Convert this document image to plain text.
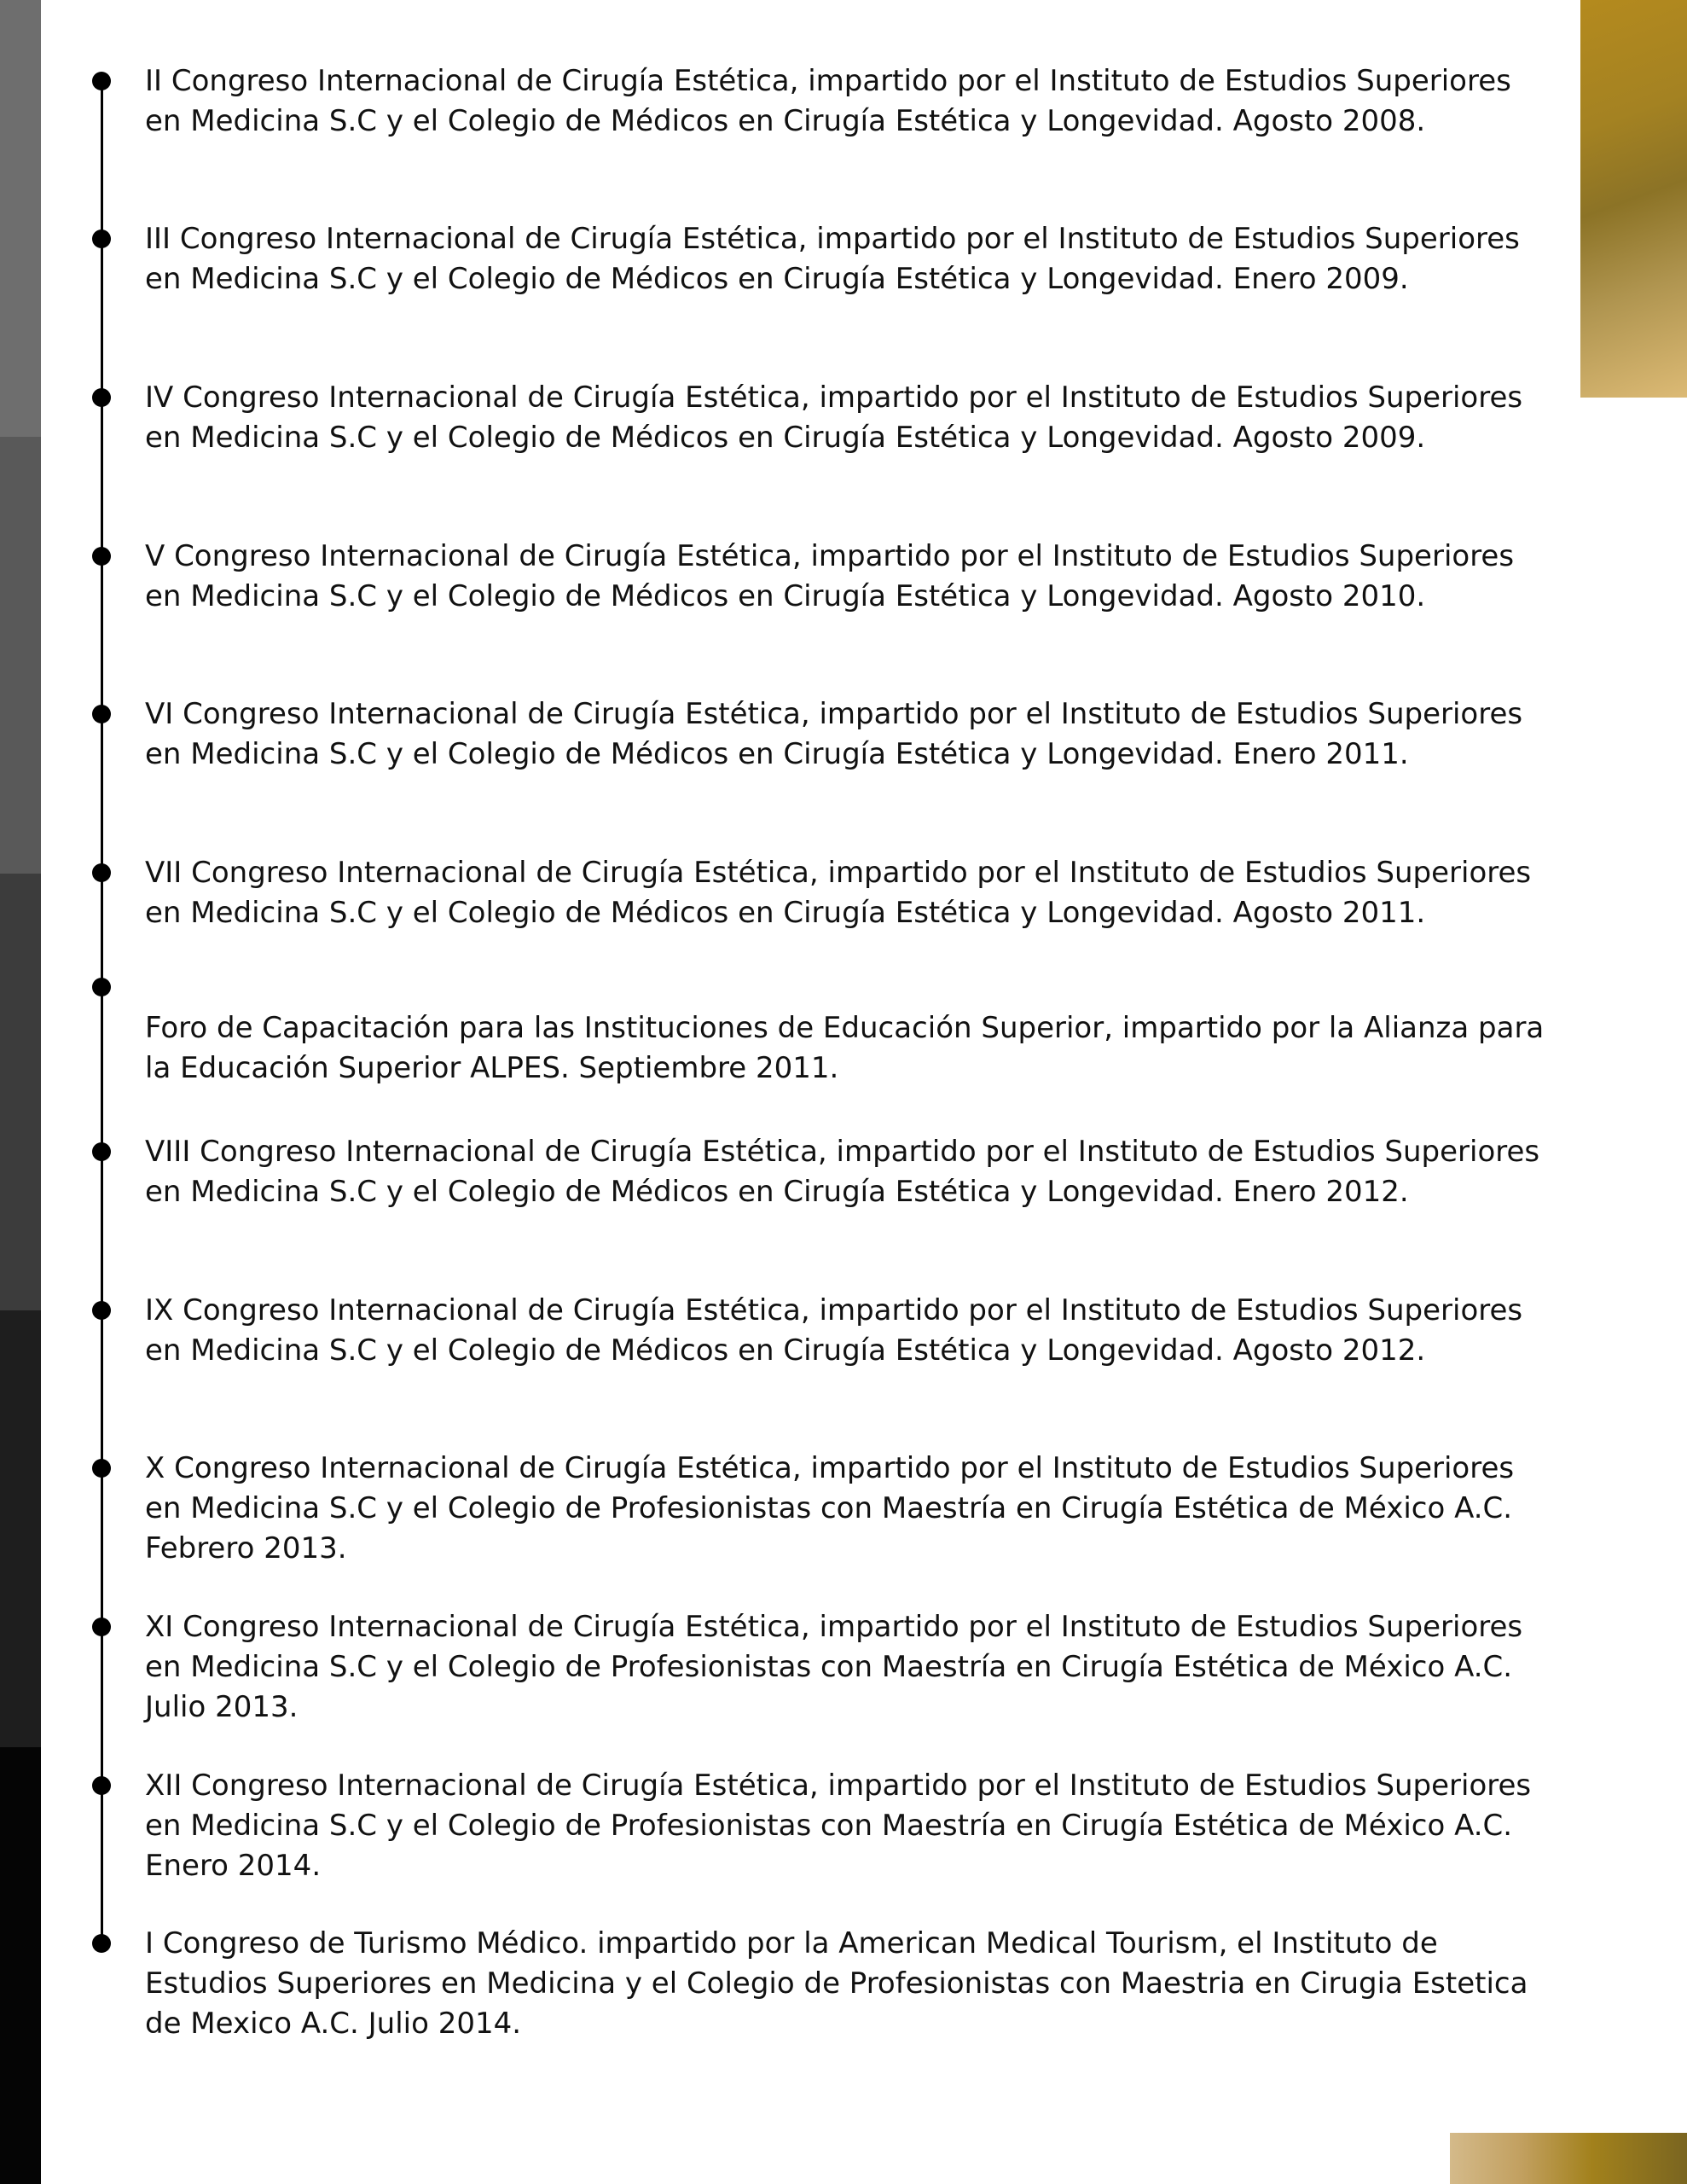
II Congreso Internacional de Cirugía Estética, impartido por el Instituto de Estudios Superiores en Medicina S.C y el Colegio de Médicos en Cirugía Estética y Longevidad. Agosto 2008.

III Congreso Internacional de Cirugía Estética, impartido por el Instituto de Estudios Superiores en Medicina S.C y el Colegio de Médicos en Cirugía Estética y Longevidad. Enero 2009.

IV Congreso Internacional de Cirugía Estética, impartido por el Instituto de Estudios Superiores en Medicina S.C y el Colegio de Médicos en Cirugía Estética y Longevidad. Agosto 2009.

V Congreso Internacional de Cirugía Estética, impartido por el Instituto de Estudios Superiores en Medicina S.C y el Colegio de Médicos en Cirugía Estética y Longevidad. Agosto 2010.

VI Congreso Internacional de Cirugía Estética, impartido por el Instituto de Estudios Superiores en Medicina S.C y el Colegio de Médicos en Cirugía Estética y Longevidad. Enero 2011.

VII Congreso Internacional de Cirugía Estética, impartido por el Instituto de Estudios Superiores en Medicina S.C y el Colegio de Médicos en Cirugía Estética y Longevidad. Agosto 2011.

Foro de Capacitación para las Instituciones de Educación Superior, impartido por la Alianza para la Educación Superior ALPES. Septiembre 2011.

VIII Congreso Internacional de Cirugía Estética, impartido por el Instituto de Estudios Superiores en Medicina S.C y el Colegio de Médicos en Cirugía Estética y Longevidad. Enero 2012.

IX Congreso Internacional de Cirugía Estética, impartido por el Instituto de Estudios Superiores en Medicina S.C y el Colegio de Médicos en Cirugía Estética y Longevidad. Agosto 2012.

X Congreso Internacional de Cirugía Estética, impartido por el Instituto de Estudios Superiores en Medicina S.C y el Colegio de Profesionistas con Maestría en Cirugía Estética de México A.C. Febrero 2013.

XI Congreso Internacional de Cirugía Estética, impartido por el Instituto de Estudios Superiores en Medicina S.C y el Colegio de Profesionistas con Maestría en Cirugía Estética de México A.C. Julio 2013.

XII Congreso Internacional de Cirugía Estética, impartido por el Instituto de Estudios Superiores en Medicina S.C y el Colegio de Profesionistas con Maestría en Cirugía Estética de México A.C. Enero 2014.

I Congreso de Turismo Médico. impartido por la American Medical Tourism, el Instituto de Estudios Superiores en Medicina y el Colegio de Profesionistas con Maestria en Cirugia Estetica de Mexico A.C. Julio 2014.
